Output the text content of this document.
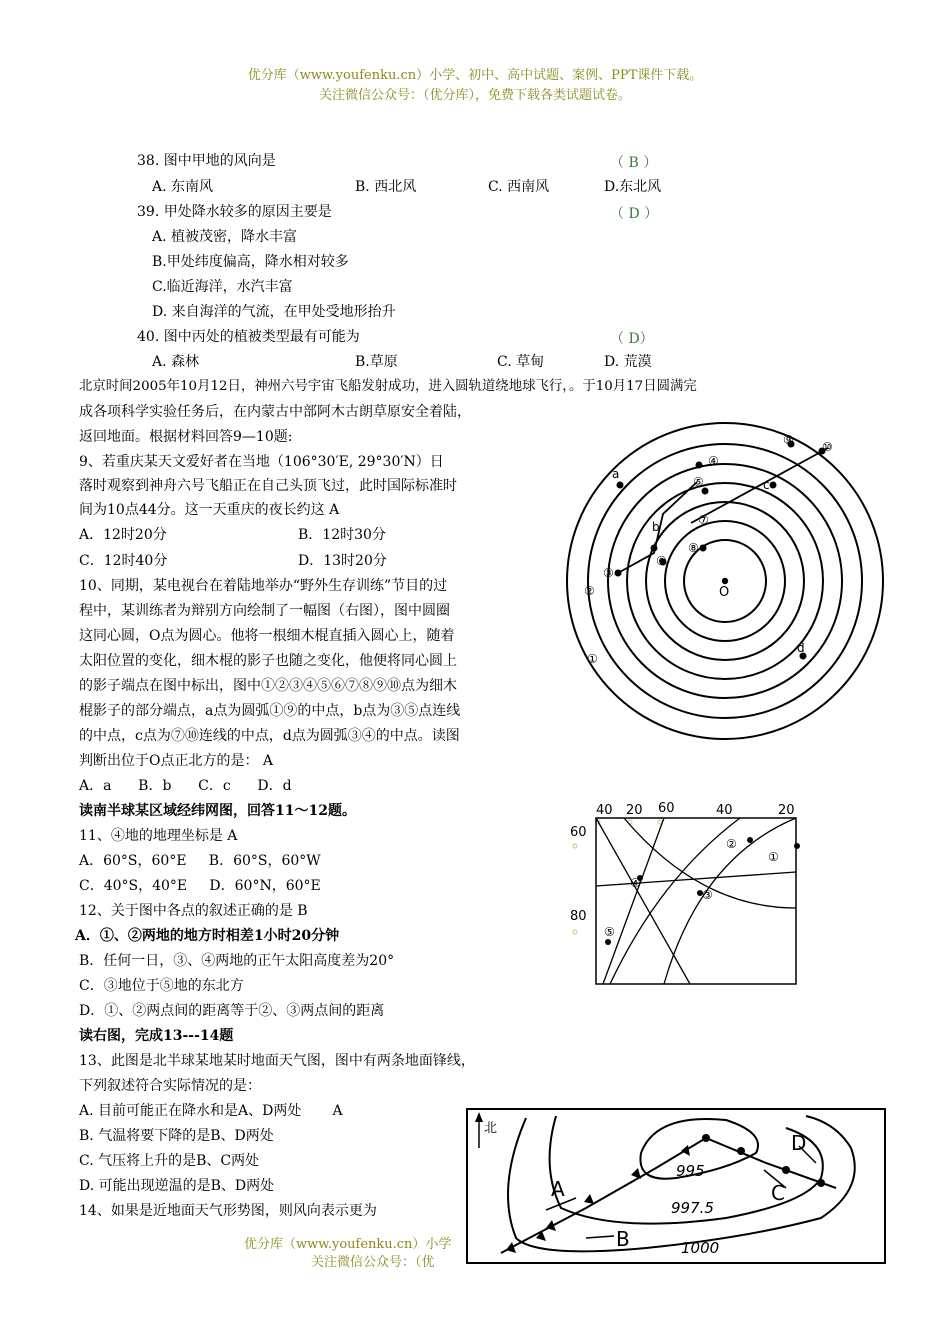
优分库（www.youfenku.cn）小学、初中、高中试题、案例、PPT课件下载。
关注微信公众号：（优分库），免费下载各类试题试卷。
38. 图中甲地的风向是	（ B ）
A. 东南风	B. 西北风	C. 西南风	D.东北风
39. 甲处降水较多的原因主要是	（ D ）
A. 植被茂密，降水丰富
B.甲处纬度偏高，降水相对较多
C.临近海洋，水汽丰富
D. 来自海洋的气流，在甲处受地形抬升
40. 图中丙处的植被类型最有可能为	（ D）
A. 森林	B.草原	C. 草甸	D. 荒漠
北京时间2005年10月12日，神州六号宇宙飞船发射成功，进入圆轨道绕地球飞行，。于10月17日圆满完
成各项科学实验任务后，在内蒙古中部阿木古朗草原安全着陆，
返回地面。根据材料回答9—10题:
9、若重庆某天文爱好者在当地（106°30′E, 29°30′N）日
落时观察到神舟六号飞船正在自己头顶飞过，此时国际标准时
间为10点44分。这一天重庆的夜长约这 A
A．12时20分	B．12时30分
C．12时40分	D．13时20分
10、同期，某电视台在着陆地举办“野外生存训练”节目的过
程中，某训练者为辩别方向绘制了一幅图（右图），图中圆圈
这同心圆，O点为圆心。他将一根细木棍直插入圆心上，随着
太阳位置的变化，细木棍的影子也随之变化，他便将同心圆上
的影子端点在图中标出，图中①②③④⑤⑥⑦⑧⑨⑩点为细木
棍影子的部分端点，a点为圆弧①⑨的中点，b点为③⑤点连线
的中点，c点为⑦⑩连线的中点，d点为圆弧③④的中点。读图
判断出位于O点正北方的是： A
A．a      B．b      C．c      D．d
读南半球某区域经纬网图，回答11～12题。
11、④地的地理坐标是 A
A．60°S，60°E     B．60°S，60°W
C．40°S，40°E     D．60°N，60°E
12、关于图中各点的叙述正确的是 B
A．①、②两地的地方时相差1小时20分钟
B．任何一日，③、④两地的正午太阳高度差为20°
C．③地位于⑤地的东北方
D．①、②两点间的距离等于②、③两点间的距离
读右图，完成13---14题
13、此图是北半球某地某时地面天气图，图中有两条地面锋线，
下列叙述符合实际情况的是：
A. 目前可能正在降水和是A、D两处       A
B. 气温将要下降的是B、D两处
C. 气压将上升的是B、C两处
D. 可能出现逆温的是B、D两处
14、如果是近地面天气形势图，则风向表示更为
优分库（www.youfenku.cn）小学
关注微信公众号：（优
O
①
②
③
④
⑤
⑥
⑦
⑧
⑨ ⑩
a
b
c
d
40 20 60	40	20
60
80
①
②
③
④
⑤
北
995
997.5
1000
A
B
C
D
